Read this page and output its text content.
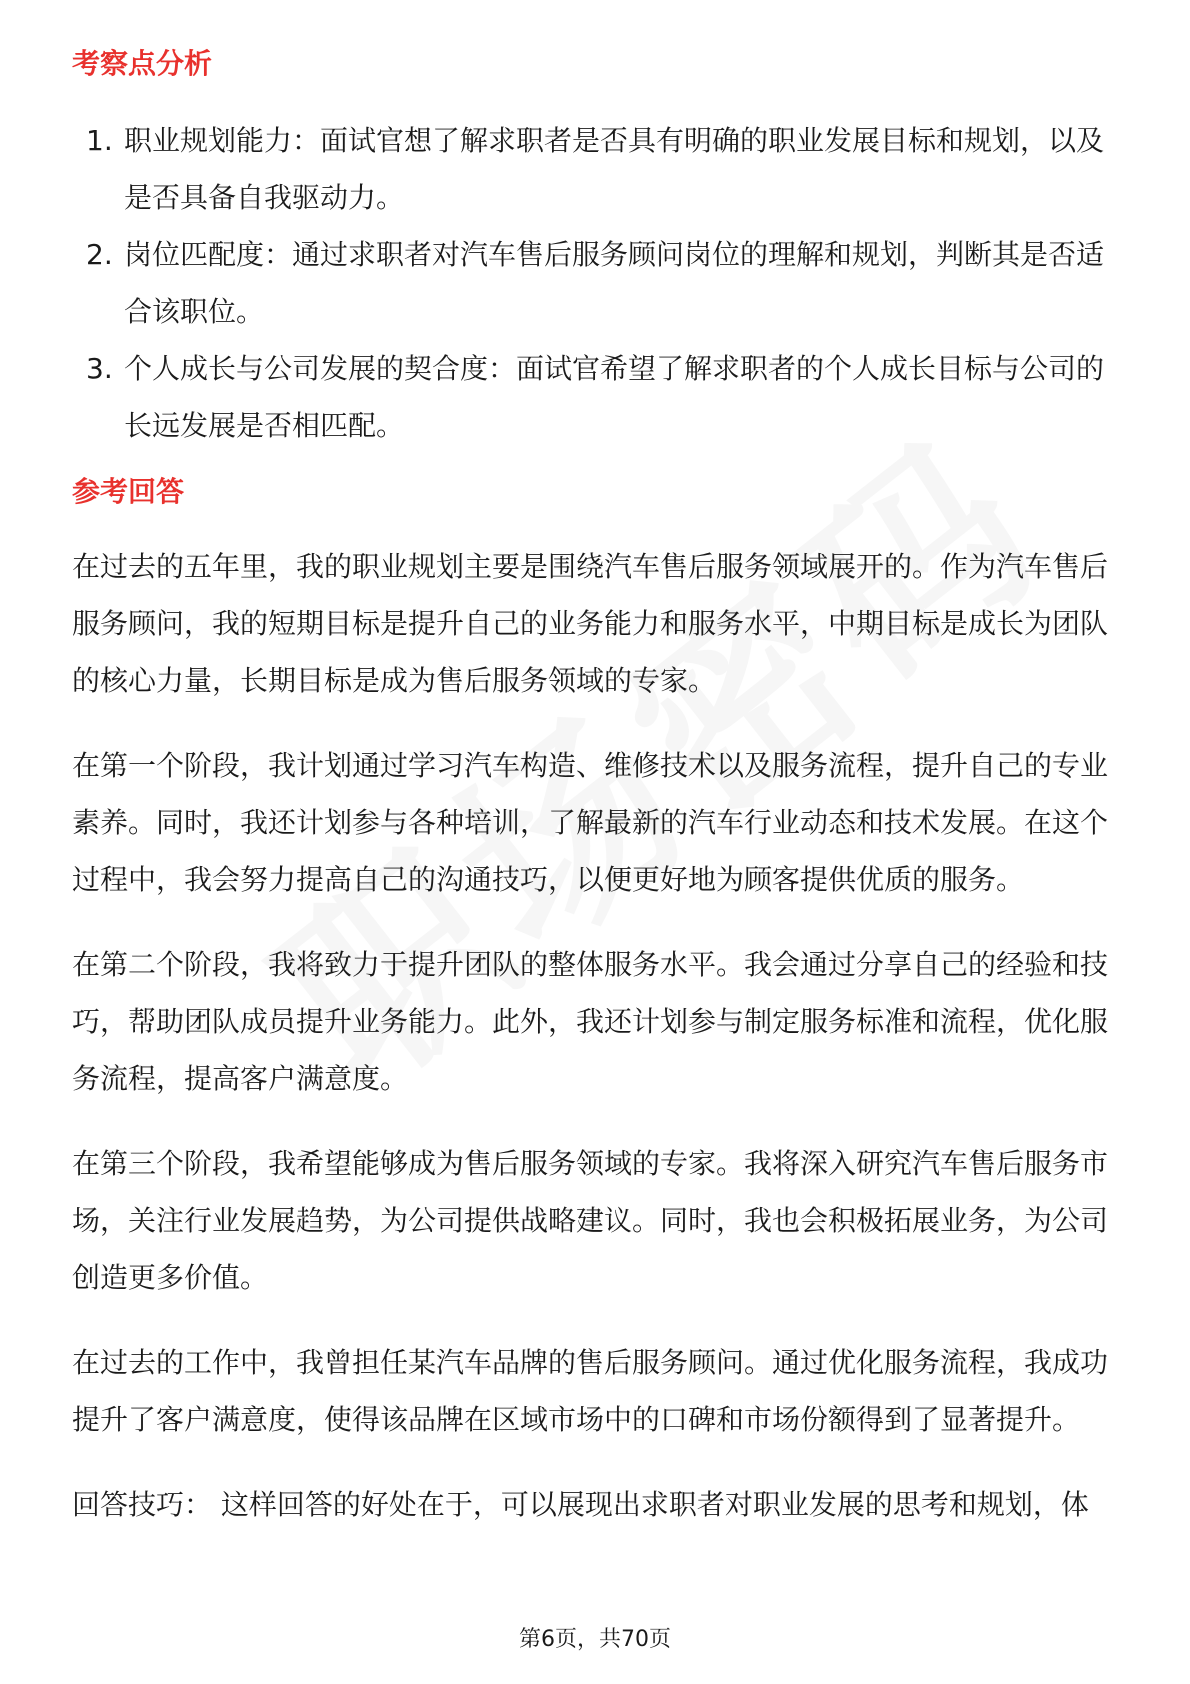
考察点分析
1. 职业规划能力：面试官想了解求职者是否具有明确的职业发展目标和规划，以及是否具备自我驱动力。
2. 岗位匹配度：通过求职者对汽车售后服务顾问岗位的理解和规划，判断其是否适合该职位。
3. 个人成长与公司发展的契合度：面试官希望了解求职者的个人成长目标与公司的长远发展是否相匹配。
参考回答

在过去的五年里，我的职业规划主要是围绕汽车售后服务领域展开的。作为汽车售后服务顾问，我的短期目标是提升自己的业务能力和服务水平，中期目标是成长为团队的核心力量，长期目标是成为售后服务领域的专家。

在第一个阶段，我计划通过学习汽车构造、维修技术以及服务流程，提升自己的专业素养。同时，我还计划参与各种培训，了解最新的汽车行业动态和技术发展。在这个过程中，我会努力提高自己的沟通技巧，以便更好地为顾客提供优质的服务。

在第二个阶段，我将致力于提升团队的整体服务水平。我会通过分享自己的经验和技巧，帮助团队成员提升业务能力。此外，我还计划参与制定服务标准和流程，优化服务流程，提高客户满意度。

在第三个阶段，我希望能够成为售后服务领域的专家。我将深入研究汽车售后服务市场，关注行业发展趋势，为公司提供战略建议。同时，我也会积极拓展业务，为公司创造更多价值。

在过去的工作中，我曾担任某汽车品牌的售后服务顾问。通过优化服务流程，我成功提升了客户满意度，使得该品牌在区域市场中的口碑和市场份额得到了显著提升。

回答技巧： 这样回答的好处在于，可以展现出求职者对职业发展的思考和规划，体

第6页，共70页
